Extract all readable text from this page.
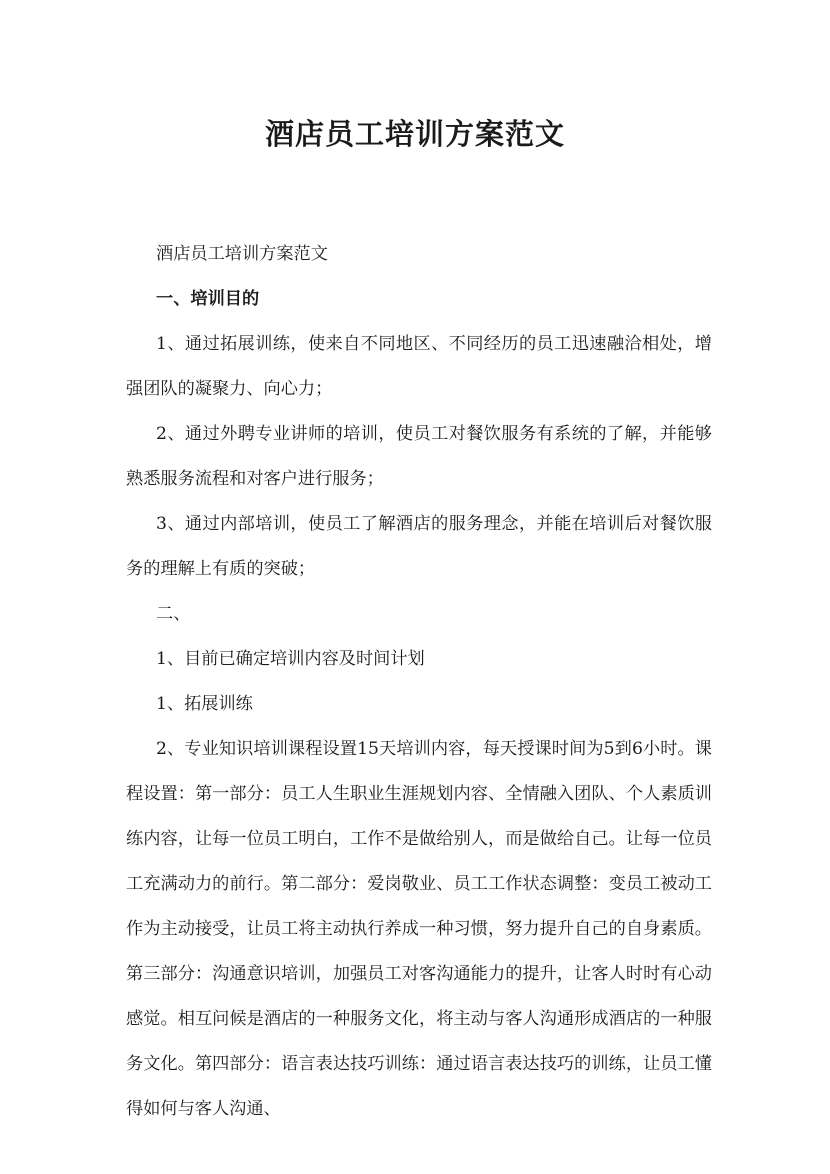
酒店员工培训方案范文

酒店员工培训方案范文

一、培训目的

1、通过拓展训练，使来自不同地区、不同经历的员工迅速融洽相处，增强团队的凝聚力、向心力；

2、通过外聘专业讲师的培训，使员工对餐饮服务有系统的了解，并能够熟悉服务流程和对客户进行服务；

3、通过内部培训，使员工了解酒店的服务理念，并能在培训后对餐饮服务的理解上有质的突破；

二、

1、目前已确定培训内容及时间计划

1、拓展训练

2、专业知识培训课程设置15天培训内容，每天授课时间为5到6小时。课程设置：第一部分：员工人生职业生涯规划内容、全情融入团队、个人素质训练内容，让每一位员工明白，工作不是做给别人，而是做给自己。让每一位员工充满动力的前行。第二部分：爱岗敬业、员工工作状态调整：变员工被动工作为主动接受，让员工将主动执行养成一种习惯，努力提升自己的自身素质。第三部分：沟通意识培训，加强员工对客沟通能力的提升，让客人时时有心动感觉。相互问候是酒店的一种服务文化，将主动与客人沟通形成酒店的一种服务文化。第四部分：语言表达技巧训练：通过语言表达技巧的训练，让员工懂得如何与客人沟通、
